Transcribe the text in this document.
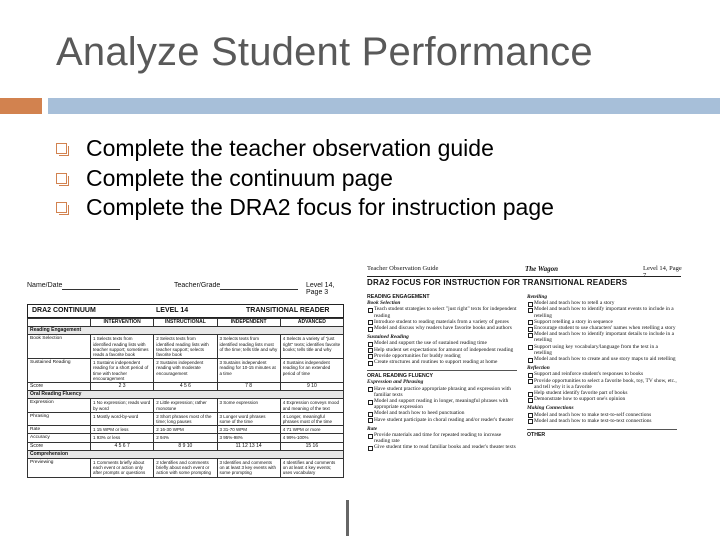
Analyze Student Performance
Complete the teacher observation guide
Complete the continuum page
Complete the DRA2 focus for instruction page
Name/Date	Teacher/Grade	Level 14, Page 3
DRA2 CONTINUUM	LEVEL 14	TRANSITIONAL READER
	INTERVENTION	INSTRUCTIONAL	INDEPENDENT	ADVANCED
Reading Engagement				
Book Selection	1 Selects texts from identified reading lists with teacher support; sometimes reads a favorite book	2 Selects texts from identified reading lists with teacher support; selects favorite book	3 Selects texts from identified reading lists most of the time; tells title and why	4 Selects a variety of "just right" texts; identifies favorite books; tells title and why
Sustained Reading	1 Sustains independent reading for a short period of time with teacher encouragement	2 Sustains independent reading with moderate encouragement	3 Sustains independent reading for 10-15 minutes at a time	4 Sustains independent reading for an extended period of time
Score	2 3	4 5 6	7 8	9 10
Oral Reading Fluency				
Expression	1 No expression; reads word by word	2 Little expression; rather monotone	3 Some expression	4 Expression conveys mood and meaning of the text
Phrasing	1 Mostly word-by-word	2 Short phrases most of the time; long pauses	3 Longer word phrases some of the time	4 Longer, meaningful phrases most of the time
Rate	1 15 WPM or less	2 16-30 WPM	3 31-70 WPM	4 71 WPM or more
Accuracy	1 93% or less	2 94%	3 95%-98%	4 99%-100%
Score	4 5 6 7	8 9 10	11 12 13 14	15 16
Comprehension				
Previewing	1 Comments briefly about each event or action only after prompts or questions	2 Identifies and comments briefly about each event or action with some prompting	3 Identifies and comments on at least 3 key events with some prompting	4 Identifies and comments on at least 4 key events; uses vocabulary
Teacher Observation Guide	The Wagon	Level 14, Page 7
DRA2 FOCUS FOR INSTRUCTION FOR TRANSITIONAL READERS
READING ENGAGEMENT
Book Selection
Teach student strategies to select "just right" texts for independent reading
Introduce student to reading materials from a variety of genres
Model and discuss why readers have favorite books and authors
Sustained Reading
Model and support the use of sustained reading time
Help student set expectations for amount of independent reading
Provide opportunities for buddy reading
Create structures and routines to support reading at home
ORAL READING FLUENCY
Expression and Phrasing
Have student practice appropriate phrasing and expression with familiar texts
Model and support reading in longer, meaningful phrases with appropriate expression
Model and teach how to heed punctuation
Have student participate in choral reading and/or reader's theater
Rate
Provide materials and time for repeated reading to increase reading rate
Give student time to read familiar books and reader's theater texts
Retelling
Model and teach how to retell a story
Model and teach how to identify important events to include in a retelling
Support retelling a story in sequence
Encourage student to use characters' names when retelling a story
Model and teach how to identify important details to include in a retelling
Support using key vocabulary/language from the text in a retelling
Model and teach how to create and use story maps to aid retelling
Reflection
Support and reinforce student's responses to books
Provide opportunities to select a favorite book, toy, TV show, etc., and tell why it is a favorite
Help student identify favorite part of books
Demonstrate how to support one's opinion
Making Connections
Model and teach how to make text-to-self connections
Model and teach how to make text-to-text connections
OTHER
